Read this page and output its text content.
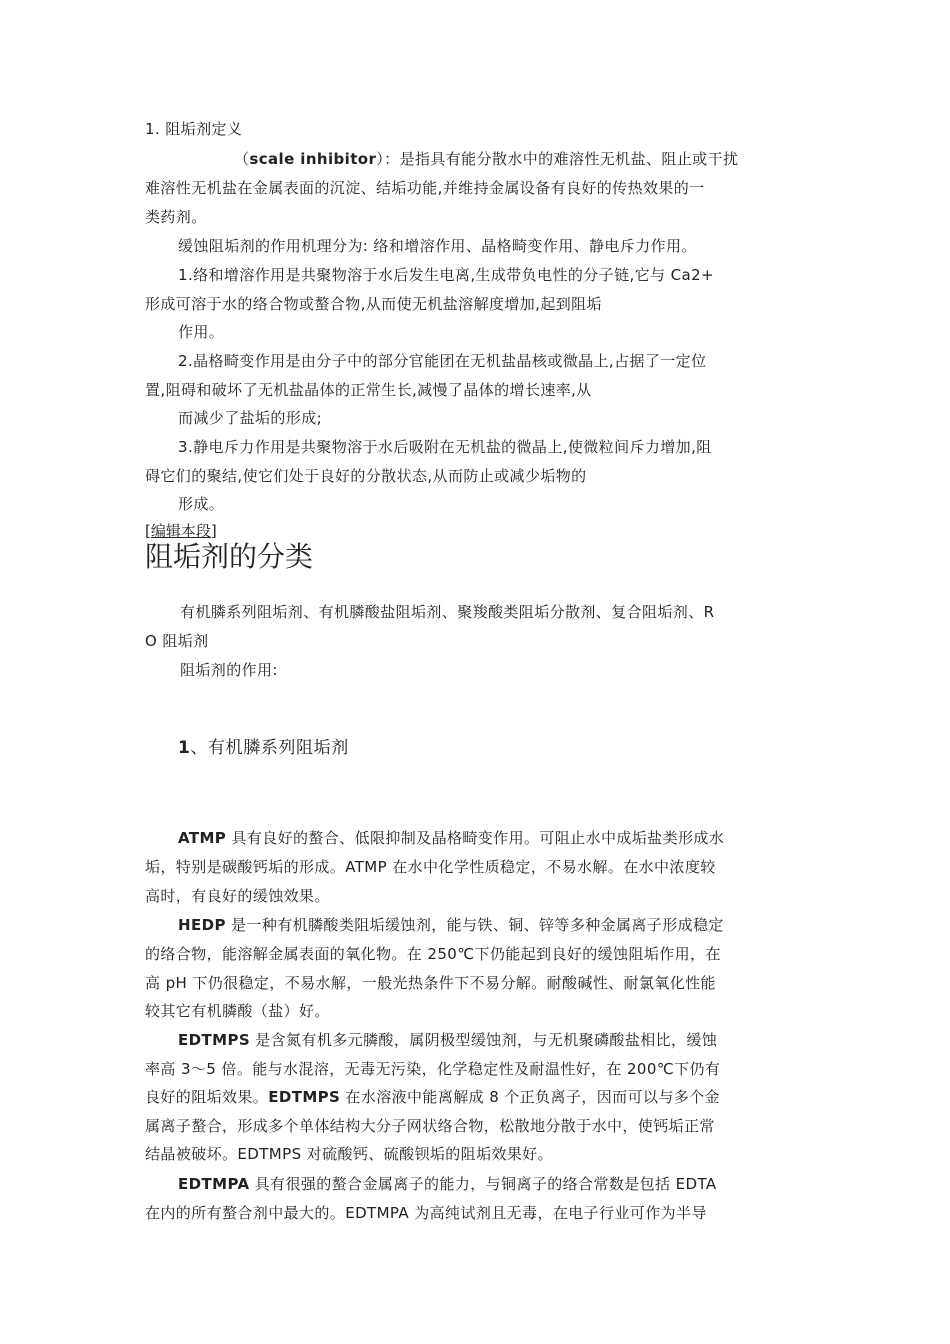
1. 阻垢剂定义
（scale inhibitor）：是指具有能分散水中的难溶性无机盐、阻止或干扰
难溶性无机盐在金属表面的沉淀、结垢功能,并维持金属设备有良好的传热效果的一
类药剂。
缓蚀阻垢剂的作用机理分为: 络和增溶作用、晶格畸变作用、静电斥力作用。
1.络和增溶作用是共聚物溶于水后发生电离,生成带负电性的分子链,它与 Ca2+
形成可溶于水的络合物或螯合物,从而使无机盐溶解度增加,起到阻垢
作用。
2.晶格畸变作用是由分子中的部分官能团在无机盐晶核或微晶上,占据了一定位
置,阻碍和破坏了无机盐晶体的正常生长,减慢了晶体的增长速率,从
而减少了盐垢的形成;
3.静电斥力作用是共聚物溶于水后吸附在无机盐的微晶上,使微粒间斥力增加,阻
碍它们的聚结,使它们处于良好的分散状态,从而防止或减少垢物的
形成。
[编辑本段]
阻垢剂的分类
有机膦系列阻垢剂、有机膦酸盐阻垢剂、聚羧酸类阻垢分散剂、复合阻垢剂、R
O 阻垢剂
阻垢剂的作用:
1、有机膦系列阻垢剂
ATMP 具有良好的螯合、低限抑制及晶格畸变作用。可阻止水中成垢盐类形成水
垢，特别是碳酸钙垢的形成。ATMP 在水中化学性质稳定，不易水解。在水中浓度较
高时，有良好的缓蚀效果。
HEDP 是一种有机膦酸类阻垢缓蚀剂，能与铁、铜、锌等多种金属离子形成稳定
的络合物，能溶解金属表面的氧化物。在 250℃下仍能起到良好的缓蚀阻垢作用，在
高 pH 下仍很稳定，不易水解，一般光热条件下不易分解。耐酸碱性、耐氯氧化性能
较其它有机膦酸（盐）好。
EDTMPS 是含氮有机多元膦酸，属阴极型缓蚀剂，与无机聚磷酸盐相比，缓蚀
率高 3～5 倍。能与水混溶，无毒无污染，化学稳定性及耐温性好，在 200℃下仍有
良好的阻垢效果。EDTMPS 在水溶液中能离解成 8 个正负离子，因而可以与多个金
属离子螯合，形成多个单体结构大分子网状络合物，松散地分散于水中，使钙垢正常
结晶被破坏。EDTMPS 对硫酸钙、硫酸钡垢的阻垢效果好。
EDTMPA 具有很强的螯合金属离子的能力，与铜离子的络合常数是包括 EDTA
在内的所有螯合剂中最大的。EDTMPA 为高纯试剂且无毒，在电子行业可作为半导
